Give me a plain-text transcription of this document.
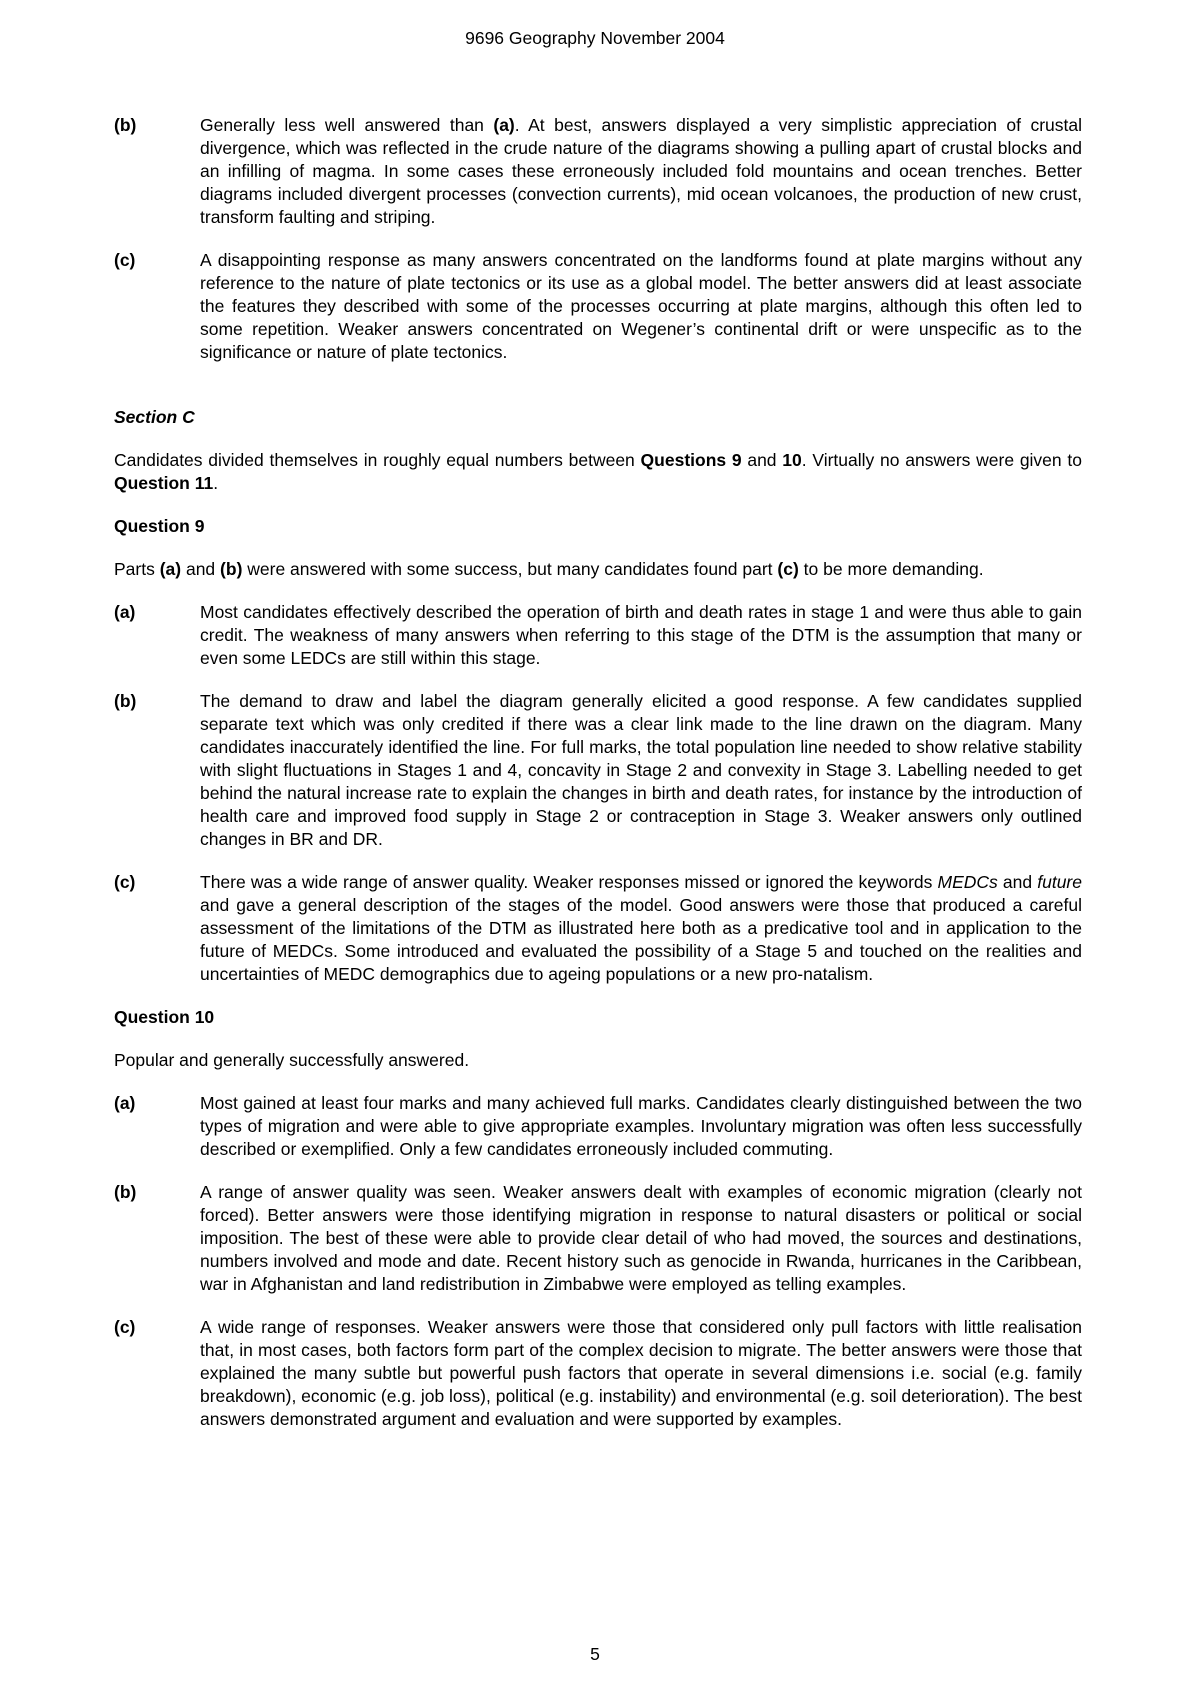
9696 Geography November 2004
(b)	Generally less well answered than (a). At best, answers displayed a very simplistic appreciation of crustal divergence, which was reflected in the crude nature of the diagrams showing a pulling apart of crustal blocks and an infilling of magma. In some cases these erroneously included fold mountains and ocean trenches. Better diagrams included divergent processes (convection currents), mid ocean volcanoes, the production of new crust, transform faulting and striping.
(c)	A disappointing response as many answers concentrated on the landforms found at plate margins without any reference to the nature of plate tectonics or its use as a global model. The better answers did at least associate the features they described with some of the processes occurring at plate margins, although this often led to some repetition. Weaker answers concentrated on Wegener’s continental drift or were unspecific as to the significance or nature of plate tectonics.
Section C
Candidates divided themselves in roughly equal numbers between Questions 9 and 10. Virtually no answers were given to Question 11.
Question 9
Parts (a) and (b) were answered with some success, but many candidates found part (c) to be more demanding.
(a)	Most candidates effectively described the operation of birth and death rates in stage 1 and were thus able to gain credit. The weakness of many answers when referring to this stage of the DTM is the assumption that many or even some LEDCs are still within this stage.
(b)	The demand to draw and label the diagram generally elicited a good response. A few candidates supplied separate text which was only credited if there was a clear link made to the line drawn on the diagram. Many candidates inaccurately identified the line. For full marks, the total population line needed to show relative stability with slight fluctuations in Stages 1 and 4, concavity in Stage 2 and convexity in Stage 3. Labelling needed to get behind the natural increase rate to explain the changes in birth and death rates, for instance by the introduction of health care and improved food supply in Stage 2 or contraception in Stage 3. Weaker answers only outlined changes in BR and DR.
(c)	There was a wide range of answer quality. Weaker responses missed or ignored the keywords MEDCs and future and gave a general description of the stages of the model. Good answers were those that produced a careful assessment of the limitations of the DTM as illustrated here both as a predicative tool and in application to the future of MEDCs. Some introduced and evaluated the possibility of a Stage 5 and touched on the realities and uncertainties of MEDC demographics due to ageing populations or a new pro-natalism.
Question 10
Popular and generally successfully answered.
(a)	Most gained at least four marks and many achieved full marks. Candidates clearly distinguished between the two types of migration and were able to give appropriate examples. Involuntary migration was often less successfully described or exemplified. Only a few candidates erroneously included commuting.
(b)	A range of answer quality was seen. Weaker answers dealt with examples of economic migration (clearly not forced). Better answers were those identifying migration in response to natural disasters or political or social imposition. The best of these were able to provide clear detail of who had moved, the sources and destinations, numbers involved and mode and date. Recent history such as genocide in Rwanda, hurricanes in the Caribbean, war in Afghanistan and land redistribution in Zimbabwe were employed as telling examples.
(c)	A wide range of responses. Weaker answers were those that considered only pull factors with little realisation that, in most cases, both factors form part of the complex decision to migrate. The better answers were those that explained the many subtle but powerful push factors that operate in several dimensions i.e. social (e.g. family breakdown), economic (e.g. job loss), political (e.g. instability) and environmental (e.g. soil deterioration). The best answers demonstrated argument and evaluation and were supported by examples.
5
